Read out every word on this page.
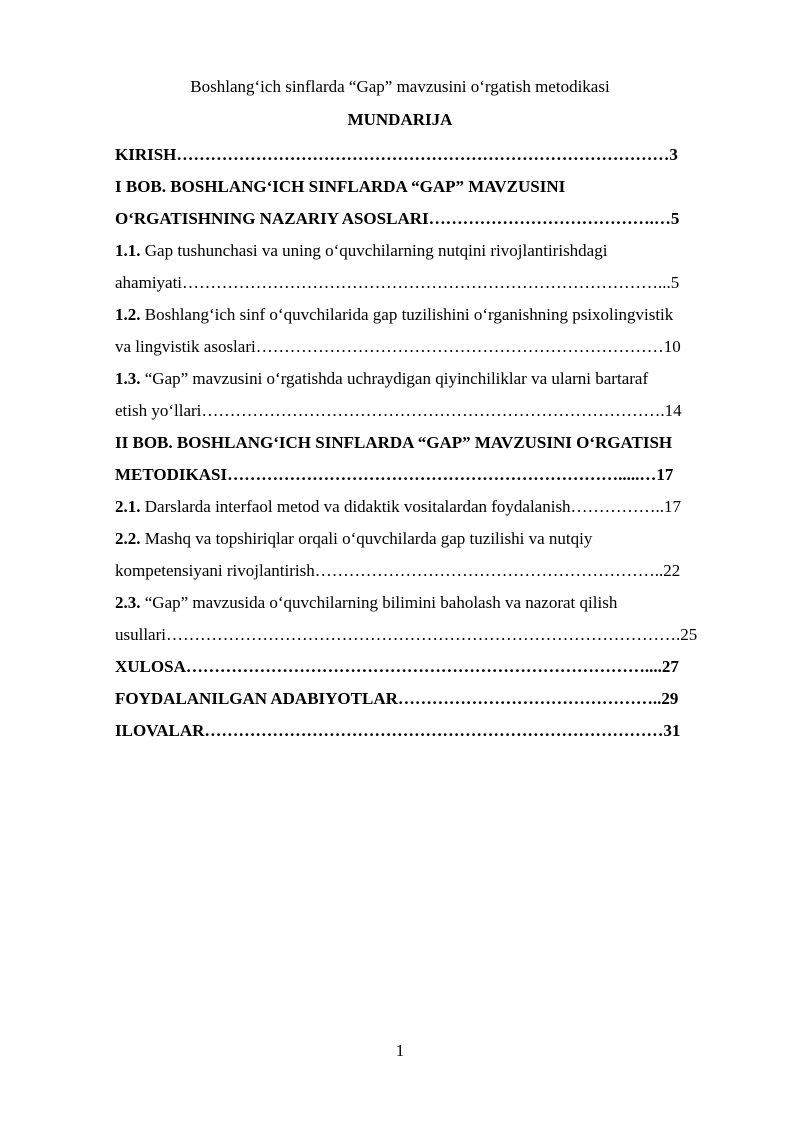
Boshlang‘ich sinflarda “Gap” mavzusini o‘rgatish metodikasi
MUNDARIJA
KIRISH……………………………………………………………………………3
I BOB. BOSHLANG‘ICH SINFLARDA “GAP” MAVZUSINI
O‘RGATISHNING NAZARIY ASOSLARI………………………………….…5
1.1. Gap tushunchasi va uning o‘quvchilarning nutqini rivojlantirishdagi
ahamiyati…………………………………………………………………………...5
1.2. Boshlang‘ich sinf o‘quvchilarida gap tuzilishini o‘rganishning psixolingvistik
va lingvistik asoslari………………………………………………………………10
1.3. “Gap” mavzusini o‘rgatishda uchraydigan qiyinchiliklar va ularni bartaraf
etish yo‘llari……………………………………………………………………….14
II BOB. BOSHLANG‘ICH SINFLARDA “GAP” MAVZUSINI O‘RGATISH
METODIKASI…………………………………………………………….....…17
2.1. Darslarda interfaol metod va didaktik vositalardan foydalanish……………..17
2.2. Mashq va topshiriqlar orqali o‘quvchilarda gap tuzilishi va nutqiy
kompetensiyani rivojlantirish……………………………………………………..22
2.3. “Gap” mavzusida o‘quvchilarning bilimini baholash va nazorat qilish
usullari……………………………………………………………………………….25
XULOSA………………………………………………………………………....27
FOYDALANILGAN ADABIYOTLAR………………………………………..29
ILOVALAR………………………………………………………………………31
1
